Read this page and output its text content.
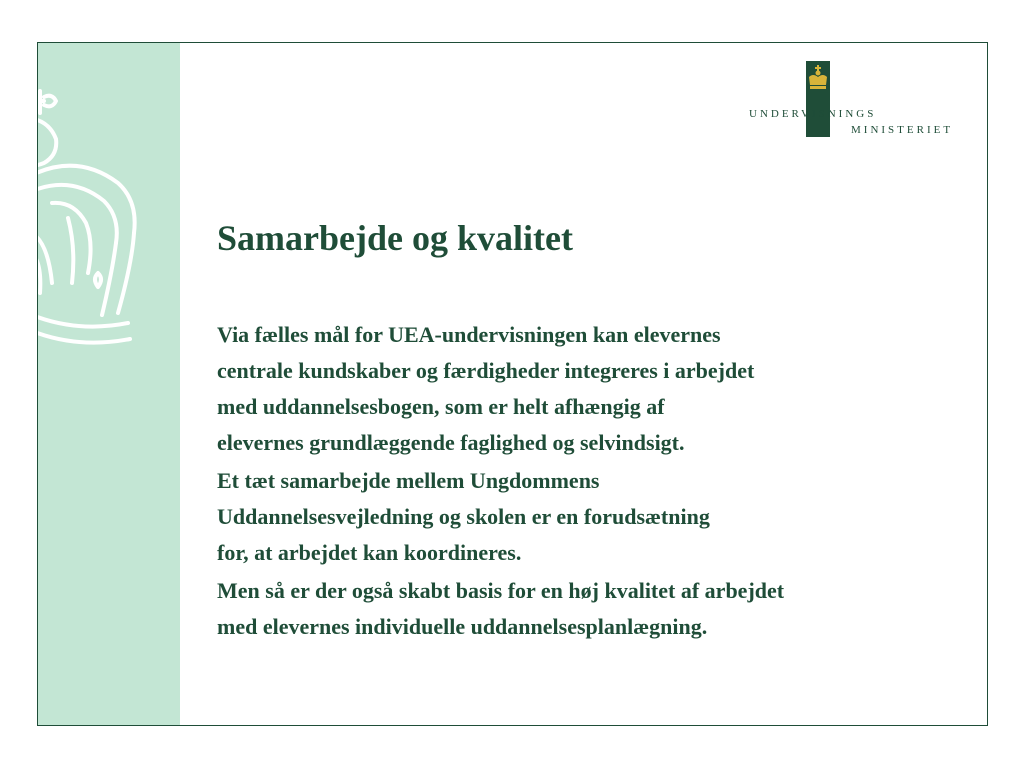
UNDERVISNINGS
MINISTERIET
Samarbejde og kvalitet

Via fælles mål for UEA-undervisningen kan elevernes
centrale kundskaber og færdigheder integreres i arbejdet
med uddannelsesbogen, som er helt afhængig af
elevernes grundlæggende faglighed og selvindsigt.

Et tæt samarbejde mellem Ungdommens
Uddannelsesvejledning og skolen er en forudsætning
for, at arbejdet kan koordineres.

Men så er der også skabt basis for en høj kvalitet af arbejdet
med elevernes individuelle uddannelsesplanlægning.
